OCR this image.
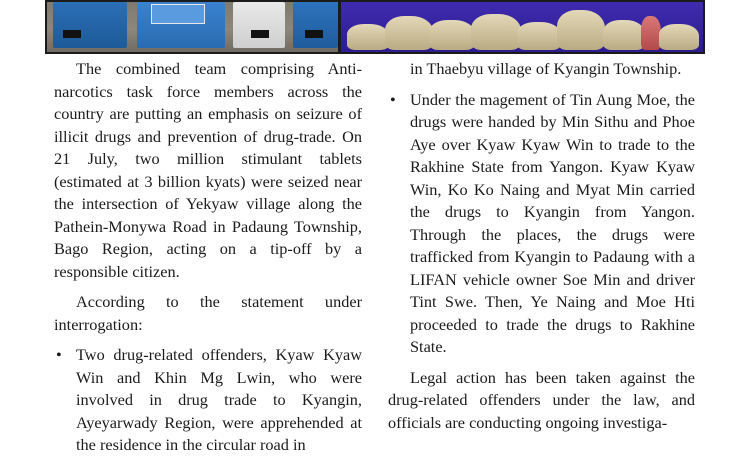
The combined team comprising Anti-narcotics task force members across the country are putting an emphasis on seizure of illicit drugs and prevention of drug-trade. On 21 July, two million stimulant tablets (estimated at 3 billion kyats) were seized near the intersection of Yekyaw village along the Pathein-Monywa Road in Padaung Township, Bago Region, acting on a tip-off by a responsible citizen.

According to the statement under interrogation:

• Two drug-related offenders, Kyaw Kyaw Win and Khin Mg Lwin, who were involved in drug trade to Kyangin, Ayeyarwady Region, were apprehended at the residence in the circular road in

in Thaebyu village of Kyangin Township.

• Under the magement of Tin Aung Moe, the drugs were handed by Min Sithu and Phoe Aye over Kyaw Kyaw Win to trade to the Rakhine State from Yangon. Kyaw Kyaw Win, Ko Ko Naing and Myat Min carried the drugs to Kyangin from Yangon. Through the places, the drugs were trafficked from Kyangin to Padaung with a LIFAN vehicle owner Soe Min and driver Tint Swe. Then, Ye Naing and Moe Hti proceeded to trade the drugs to Rakhine State.

Legal action has been taken against the drug-related offenders under the law, and officials are conducting ongoing investiga-
